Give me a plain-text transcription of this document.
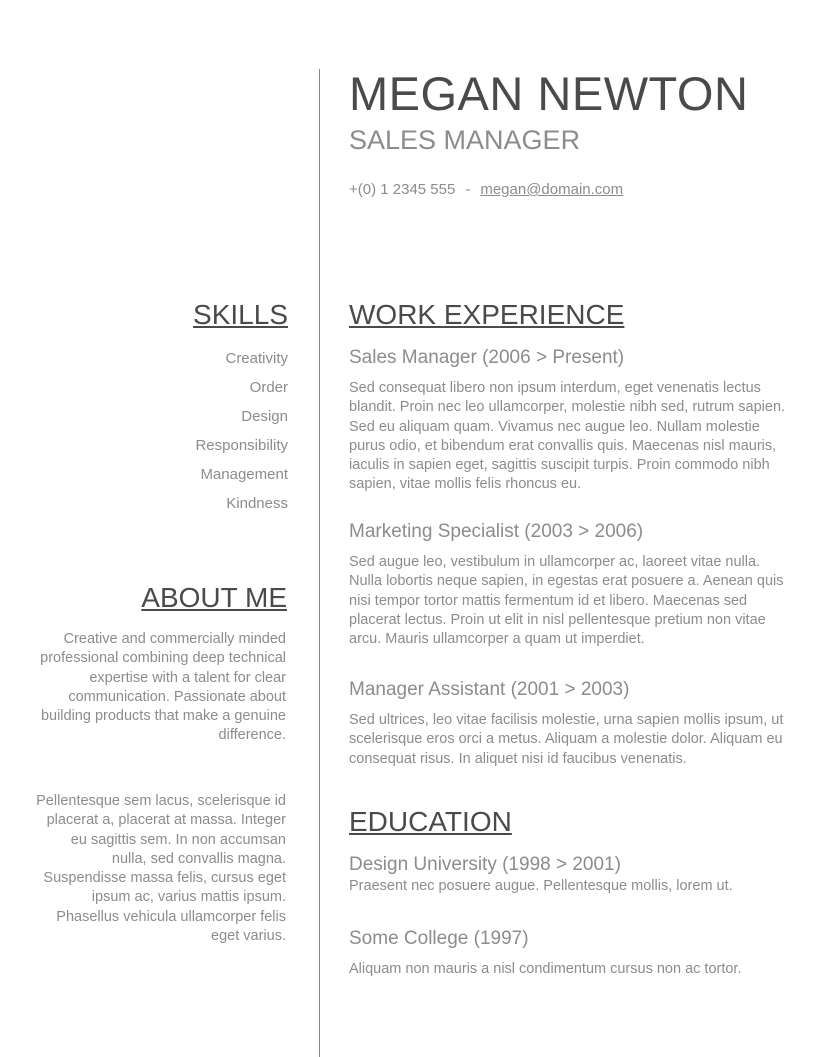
MEGAN NEWTON
SALES MANAGER
+(0) 1 2345 555 - megan@domain.com
SKILLS
Creativity
Order
Design
Responsibility
Management
Kindness
ABOUT ME

Creative and commercially minded professional combining deep technical expertise with a talent for clear communication. Passionate about building products that make a genuine difference.

Pellentesque sem lacus, scelerisque id placerat a, placerat at massa. Integer eu sagittis sem. In non accumsan nulla, sed convallis magna. Suspendisse massa felis, cursus eget ipsum ac, varius mattis ipsum. Phasellus vehicula ullamcorper felis eget varius.

WORK EXPERIENCE
Sales Manager (2006 > Present)

Sed consequat libero non ipsum interdum, eget venenatis lectus blandit. Proin nec leo ullamcorper, molestie nibh sed, rutrum sapien. Sed eu aliquam quam. Vivamus nec augue leo. Nullam molestie purus odio, et bibendum erat convallis quis. Maecenas nisl mauris, iaculis in sapien eget, sagittis suscipit turpis. Proin commodo nibh sapien, vitae mollis felis rhoncus eu.

Marketing Specialist (2003 > 2006)

Sed augue leo, vestibulum in ullamcorper ac, laoreet vitae nulla. Nulla lobortis neque sapien, in egestas erat posuere a. Aenean quis nisi tempor tortor mattis fermentum id et libero. Maecenas sed placerat lectus. Proin ut elit in nisl pellentesque pretium non vitae arcu. Mauris ullamcorper a quam ut imperdiet.

Manager Assistant (2001 > 2003)

Sed ultrices, leo vitae facilisis molestie, urna sapien mollis ipsum, ut scelerisque eros orci a metus. Aliquam a molestie dolor. Aliquam eu consequat risus. In aliquet nisi id faucibus venenatis.

EDUCATION
Design University (1998 > 2001)

Praesent nec posuere augue. Pellentesque mollis, lorem ut.

Some College (1997)

Aliquam non mauris a nisl condimentum cursus non ac tortor.
